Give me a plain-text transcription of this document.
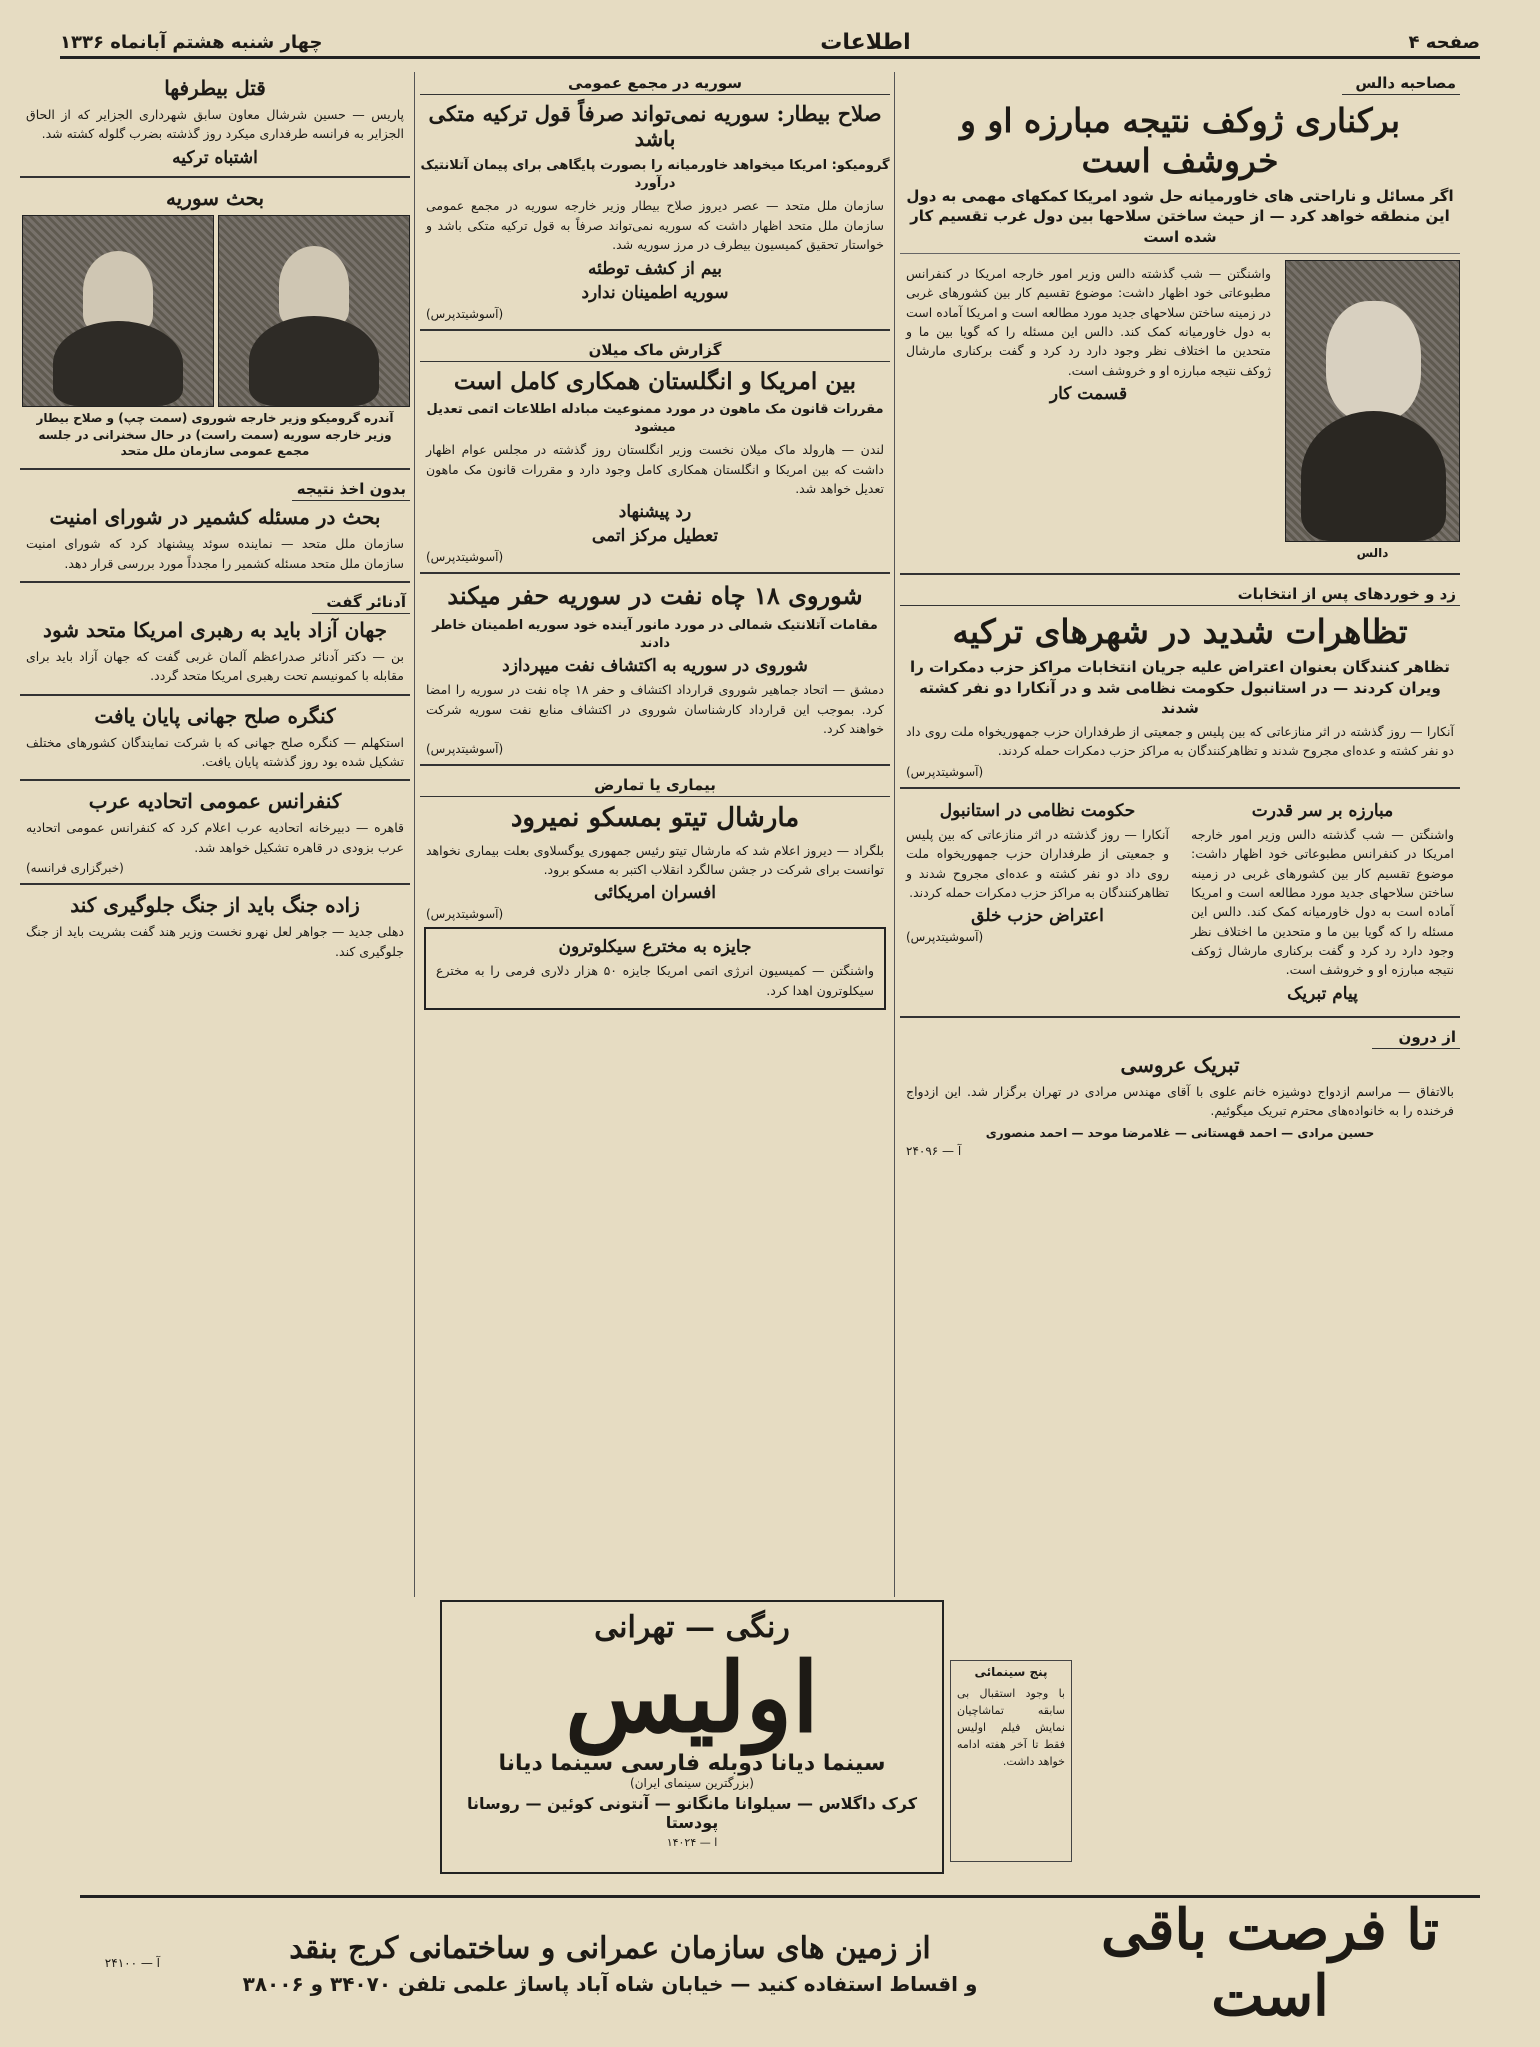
صفحه ۴
اطلاعات
چهار شنبه هشتم آبانماه ۱۳۳۶
مصاحبه دالس
برکناری ژوکف نتیجه مبارزه او و خروشف است
اگر مسائل و ناراحتی های خاورمیانه حل شود امریکا کمکهای مهمی به دول این منطقه خواهد کرد — از حیث ساختن سلاحها بین دول غرب تقسیم کار شده است
دالس

واشنگتن — شب گذشته دالس وزیر امور خارجه امریکا در کنفرانس مطبوعاتی خود اظهار داشت: موضوع تقسیم کار بین کشورهای غربی در زمینه ساختن سلاحهای جدید مورد مطالعه است و امریکا آماده است به دول خاورمیانه کمک کند. دالس این مسئله را که گویا بین ما و متحدین ما اختلاف نظر وجود دارد رد کرد و گفت برکناری مارشال ژوکف نتیجه مبارزه او و خروشف است.

قسمت کار
زد و خوردهای پس از انتخابات
تظاهرات شدید در شهرهای ترکیه
تظاهر کنندگان بعنوان اعتراض علیه جریان انتخابات مراکز حزب دمکرات را ویران کردند — در استانبول حکومت نظامی شد و در آنکارا دو نفر کشته شدند

آنکارا — روز گذشته در اثر منازعاتی که بین پلیس و جمعیتی از طرفداران حزب جمهوریخواه ملت روی داد دو نفر کشته و عده‌ای مجروح شدند و تظاهرکنندگان به مراکز حزب دمکرات حمله کردند.

(آسوشیتدپرس)
مبارزه بر سر قدرت

واشنگتن — شب گذشته دالس وزیر امور خارجه امریکا در کنفرانس مطبوعاتی خود اظهار داشت: موضوع تقسیم کار بین کشورهای غربی در زمینه ساختن سلاحهای جدید مورد مطالعه است و امریکا آماده است به دول خاورمیانه کمک کند. دالس این مسئله را که گویا بین ما و متحدین ما اختلاف نظر وجود دارد رد کرد و گفت برکناری مارشال ژوکف نتیجه مبارزه او و خروشف است.

پیام تبریک
حکومت نظامی در استانبول

آنکارا — روز گذشته در اثر منازعاتی که بین پلیس و جمعیتی از طرفداران حزب جمهوریخواه ملت روی داد دو نفر کشته و عده‌ای مجروح شدند و تظاهرکنندگان به مراکز حزب دمکرات حمله کردند.

اعتراض حزب خلق
(آسوشیتدپرس)
از درون
تبریک عروسی

بالاتفاق — مراسم ازدواج دوشیزه خانم علوی با آقای مهندس مرادی در تهران برگزار شد. این ازدواج فرخنده را به خانواده‌های محترم تبریک میگوئیم.

حسین مرادی — احمد قهستانی — غلامرضا موحد — احمد منصوری
آ — ۲۴۰۹۶
سوریه در مجمع عمومی
صلاح بیطار: سوریه نمی‌تواند صرفاً قول ترکیه متکی باشد
گرومیکو: امریکا میخواهد خاورمیانه را بصورت پایگاهی برای پیمان آتلانتیک درآورد

سازمان ملل متحد — عصر دیروز صلاح بیطار وزیر خارجه سوریه در مجمع عمومی سازمان ملل متحد اظهار داشت که سوریه نمی‌تواند صرفاً به قول ترکیه متکی باشد و خواستار تحقیق کمیسیون بیطرف در مرز سوریه شد.

بیم از کشف توطئه
سوریه اطمینان ندارد
(آسوشیتدپرس)
گزارش ماک میلان
بین امریکا و انگلستان همکاری کامل است
مقررات قانون مک ماهون در مورد ممنوعیت مبادله اطلاعات اتمی تعدیل میشود

لندن — هارولد ماک میلان نخست وزیر انگلستان روز گذشته در مجلس عوام اظهار داشت که بین امریکا و انگلستان همکاری کامل وجود دارد و مقررات قانون مک ماهون تعدیل خواهد شد.

رد پیشنهاد
تعطیل مرکز اتمی
(آسوشیتدپرس)
شوروی ۱۸ چاه نفت در سوریه حفر میکند
مقامات آتلانتیک شمالی در مورد مانور آینده خود سوریه اطمینان خاطر دادند
شوروی در سوریه به اکتشاف نفت میپردازد

دمشق — اتحاد جماهیر شوروی قرارداد اکتشاف و حفر ۱۸ چاه نفت در سوریه را امضا کرد. بموجب این قرارداد کارشناسان شوروی در اکتشاف منابع نفت سوریه شرکت خواهند کرد.

(آسوشیتدپرس)
بیماری یا تمارض
مارشال تیتو بمسکو نمیرود

بلگراد — دیروز اعلام شد که مارشال تیتو رئیس جمهوری یوگسلاوی بعلت بیماری نخواهد توانست برای شرکت در جشن سالگرد انقلاب اکتبر به مسکو برود.

افسران امریکائی
(آسوشیتدپرس)
جایزه به مخترع سیکلوترون

واشنگتن — کمیسیون انرژی اتمی امریکا جایزه ۵۰ هزار دلاری فرمی را به مخترع سیکلوترون اهدا کرد.

قتل بیطرفها

پاریس — حسین شرشال معاون سابق شهرداری الجزایر که از الحاق الجزایر به فرانسه طرفداری میکرد روز گذشته بضرب گلوله کشته شد.

اشتباه ترکیه
بحث سوریه
آندره گرومیکو وزیر خارجه شوروی (سمت چپ) و صلاح بیطار وزیر خارجه سوریه (سمت راست) در حال سخنرانی در جلسه مجمع عمومی سازمان ملل متحد
بدون اخذ نتیجه
بحث در مسئله کشمیر در شورای امنیت

سازمان ملل متحد — نماینده سوئد پیشنهاد کرد که شورای امنیت سازمان ملل متحد مسئله کشمیر را مجدداً مورد بررسی قرار دهد.

آدنائر گفت
جهان آزاد باید به رهبری امریکا متحد شود

بن — دکتر آدنائر صدراعظم آلمان غربی گفت که جهان آزاد باید برای مقابله با کمونیسم تحت رهبری امریکا متحد گردد.

کنگره صلح جهانی پایان یافت

استکهلم — کنگره صلح جهانی که با شرکت نمایندگان کشورهای مختلف تشکیل شده بود روز گذشته پایان یافت.

کنفرانس عمومی اتحادیه عرب

قاهره — دبیرخانه اتحادیه عرب اعلام کرد که کنفرانس عمومی اتحادیه عرب بزودی در قاهره تشکیل خواهد شد.

(خبرگزاری فرانسه)
زاده جنگ باید از جنگ جلوگیری کند

دهلی جدید — جواهر لعل نهرو نخست وزیر هند گفت بشریت باید از جنگ جلوگیری کند.

رنگی — تهرانی
اولیس
سینما دیانا دوبله فارسی سینما دیانا
(بزرگترین سینمای ایران)
کرک داگلاس — سیلوانا مانگانو — آنتونی کوئین — روسانا پودستا
ا — ۱۴۰۲۴
پنج سینمائی

با وجود استقبال بی سابقه تماشاچیان نمایش فیلم اولیس فقط تا آخر هفته ادامه خواهد داشت.

تا فرصت باقی است
از زمین های سازمان عمرانی و ساختمانی کرج بنقد
و اقساط استفاده کنید — خیابان شاه آباد پاساژ علمی تلفن ۳۴۰۷۰ و ۳۸۰۰۶
آ — ۲۴۱۰۰
